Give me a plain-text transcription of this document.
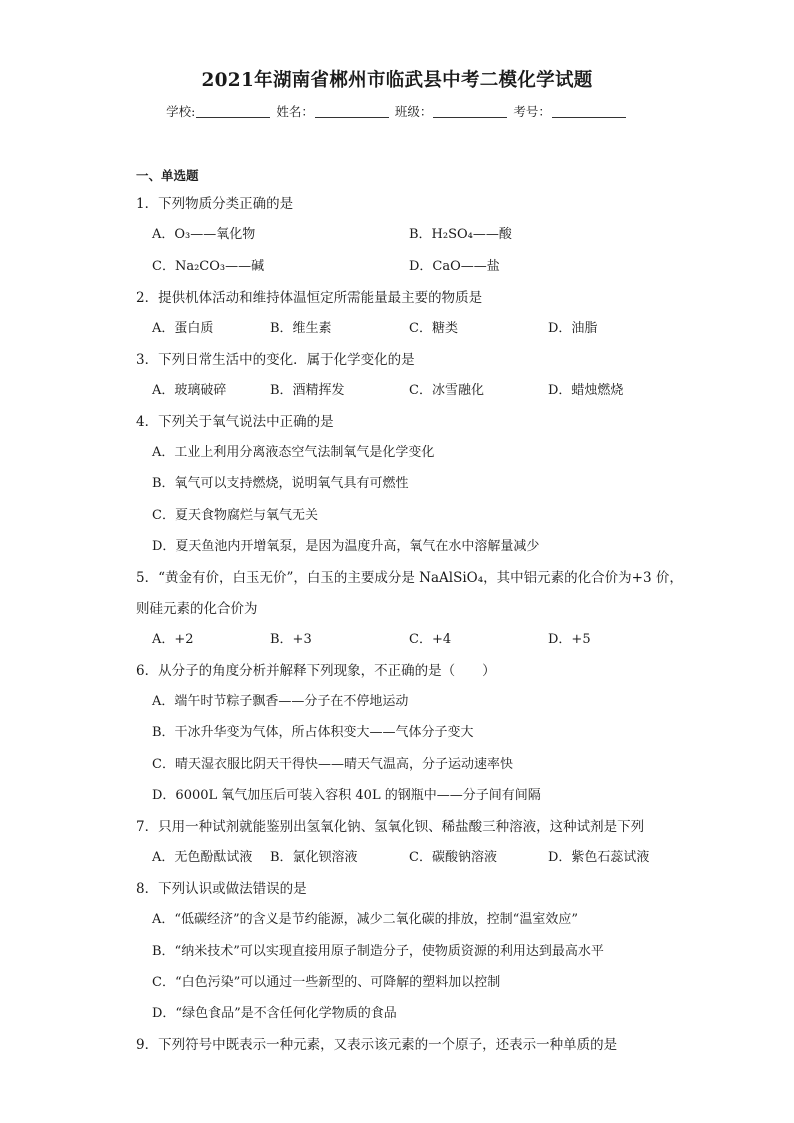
2021年湖南省郴州市临武县中考二模化学试题
学校:	姓名：	班级：	考号：
一、单选题
1．下列物质分类正确的是
A．O₃——氧化物	B．H₂SO₄——酸
C．Na₂CO₃——碱	D．CaO——盐
2．提供机体活动和维持体温恒定所需能量最主要的物质是
A．蛋白质	B．维生素	C．糖类	D．油脂
3．下列日常生活中的变化．属于化学变化的是
A．玻璃破碎	B．酒精挥发	C．冰雪融化	D．蜡烛燃烧
4．下列关于氧气说法中正确的是
A．工业上利用分离液态空气法制氧气是化学变化
B．氧气可以支持燃烧，说明氧气具有可燃性
C．夏天食物腐烂与氧气无关
D．夏天鱼池内开增氧泵，是因为温度升高，氧气在水中溶解量减少
5．“黄金有价，白玉无价”，白玉的主要成分是 NaAlSiO₄，其中铝元素的化合价为+3 价，
则硅元素的化合价为
A．+2	B．+3	C．+4	D．+5
6．从分子的角度分析并解释下列现象，不正确的是（　　）
A．端午时节粽子飘香——分子在不停地运动
B．干冰升华变为气体，所占体积变大——气体分子变大
C．晴天湿衣服比阴天干得快——晴天气温高，分子运动速率快
D．6000L 氧气加压后可装入容积 40L 的钢瓶中——分子间有间隔
7．只用一种试剂就能鉴别出氢氧化钠、氢氧化钡、稀盐酸三种溶液，这种试剂是下列
A．无色酚酞试液 B．氯化钡溶液	C．碳酸钠溶液	D．紫色石蕊试液
8．下列认识或做法错误的是
A．“低碳经济”的含义是节约能源，减少二氧化碳的排放，控制“温室效应”
B．“纳米技术”可以实现直接用原子制造分子，使物质资源的利用达到最高水平
C．“白色污染”可以通过一些新型的、可降解的塑料加以控制
D．“绿色食品”是不含任何化学物质的食品
9．下列符号中既表示一种元素，又表示该元素的一个原子，还表示一种单质的是
